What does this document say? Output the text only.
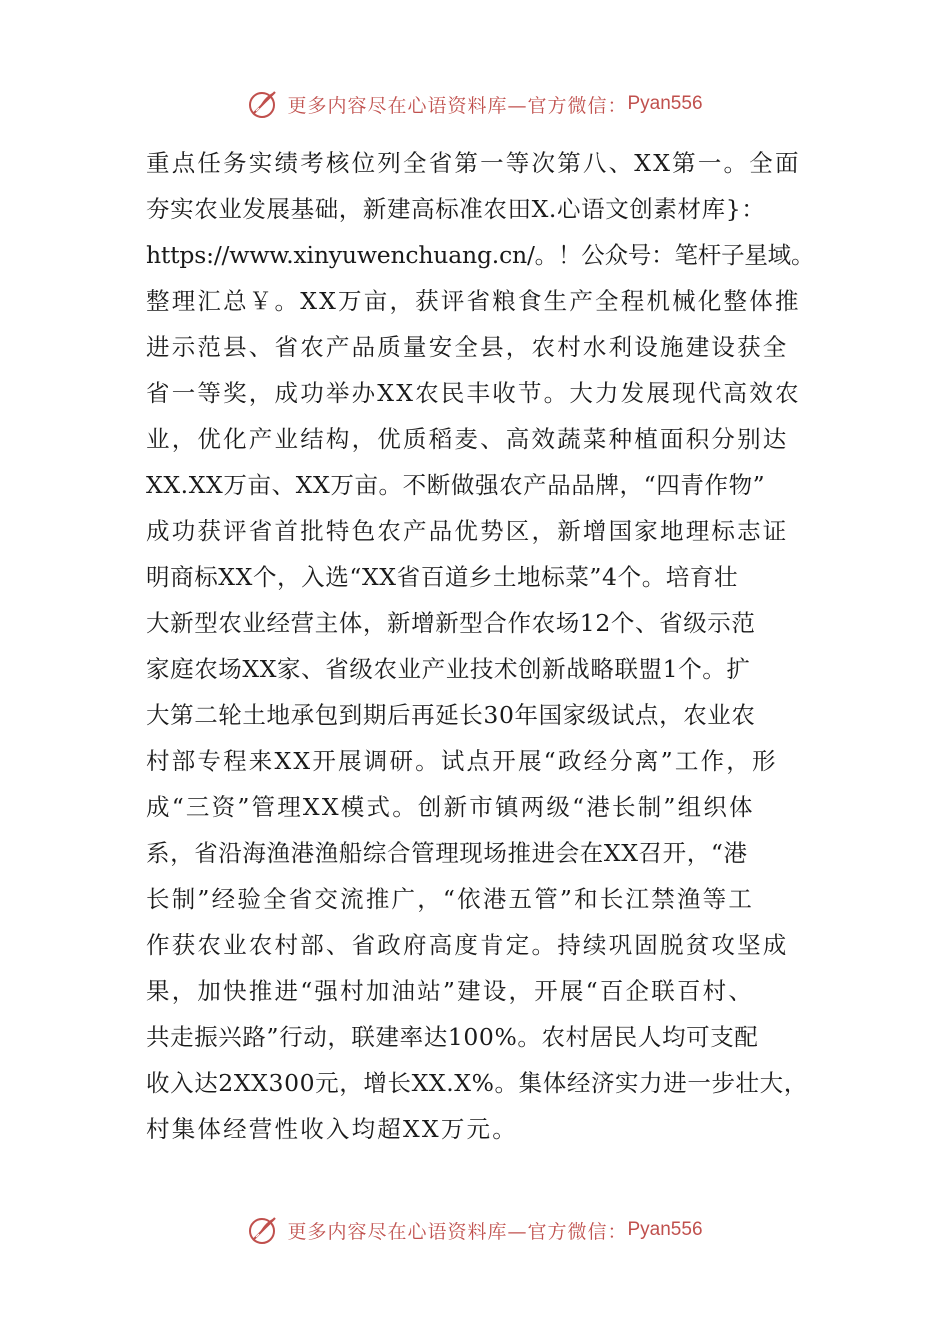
更多内容尽在心语资料库—官方微信： Pyan556
重点任务实绩考核位列全省第一等次第八、XX第一。全面
夯实农业发展基础，新建高标准农田X.心语文创素材库}：
https://www.xinyuwenchuang.cn/。！公众号：笔杆子星域。
整理汇总￥。XX万亩，获评省粮食生产全程机械化整体推
进示范县、省农产品质量安全县，农村水利设施建设获全
省一等奖，成功举办XX农民丰收节。大力发展现代高效农
业，优化产业结构，优质稻麦、高效蔬菜种植面积分别达
XX.XX万亩、XX万亩。不断做强农产品品牌，“四青作物”
成功获评省首批特色农产品优势区，新增国家地理标志证
明商标XX个，入选“XX省百道乡土地标菜”4个。培育壮
大新型农业经营主体，新增新型合作农场12个、省级示范
家庭农场XX家、省级农业产业技术创新战略联盟1个。扩
大第二轮土地承包到期后再延长30年国家级试点，农业农
村部专程来XX开展调研。试点开展“政经分离”工作，形
成“三资”管理XX模式。创新市镇两级“港长制”组织体
系，省沿海渔港渔船综合管理现场推进会在XX召开，“港
长制”经验全省交流推广，“依港五管”和长江禁渔等工
作获农业农村部、省政府高度肯定。持续巩固脱贫攻坚成
果，加快推进“强村加油站”建设，开展“百企联百村、
共走振兴路”行动，联建率达100%。农村居民人均可支配
收入达2XX300元，增长XX.X%。集体经济实力进一步壮大，
村集体经营性收入均超XX万元。
更多内容尽在心语资料库—官方微信： Pyan556
